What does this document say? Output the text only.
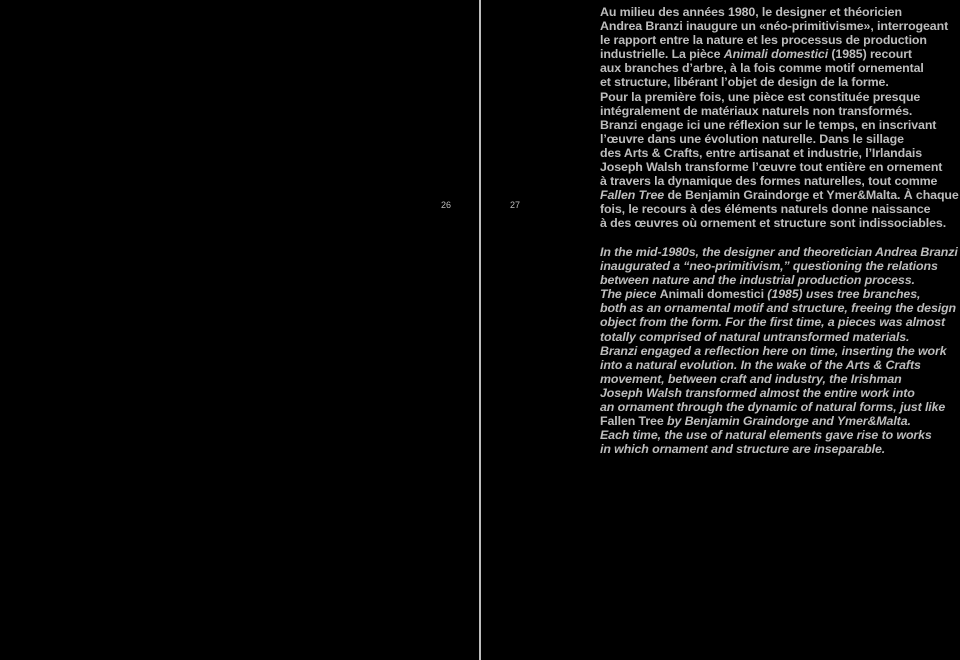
26	27
Au milieu des années 1980, le designer et théoricien
Andrea Branzi inaugure un «néo-primitivisme», interrogeant
le rapport entre la nature et les processus de production
industrielle. La pièce Animali domestici (1985) recourt
aux branches d’arbre, à la fois comme motif ornemental
et structure, libérant l’objet de design de la forme.
Pour la première fois, une pièce est constituée presque
intégralement de matériaux naturels non transformés.
Branzi engage ici une réflexion sur le temps, en inscrivant
l’œuvre dans une évolution naturelle. Dans le sillage
des Arts & Crafts, entre artisanat et industrie, l’Irlandais
Joseph Walsh transforme l’œuvre tout entière en ornement
à travers la dynamique des formes naturelles, tout comme
Fallen Tree de Benjamin Graindorge et Ymer&Malta. À chaque
fois, le recours à des éléments naturels donne naissance
à des œuvres où ornement et structure sont indissociables.
In the mid-1980s, the designer and theoretician Andrea Branzi
inaugurated a “neo-primitivism,” questioning the relations
between nature and the industrial production process.
The piece Animali domestici (1985) uses tree branches,
both as an ornamental motif and structure, freeing the design
object from the form. For the first time, a pieces was almost
totally comprised of natural untransformed materials.
Branzi engaged a reflection here on time, inserting the work
into a natural evolution. In the wake of the Arts & Crafts
movement, between craft and industry, the Irishman
Joseph Walsh transformed almost the entire work into
an ornament through the dynamic of natural forms, just like
Fallen Tree by Benjamin Graindorge and Ymer&Malta.
Each time, the use of natural elements gave rise to works
in which ornament and structure are inseparable.
